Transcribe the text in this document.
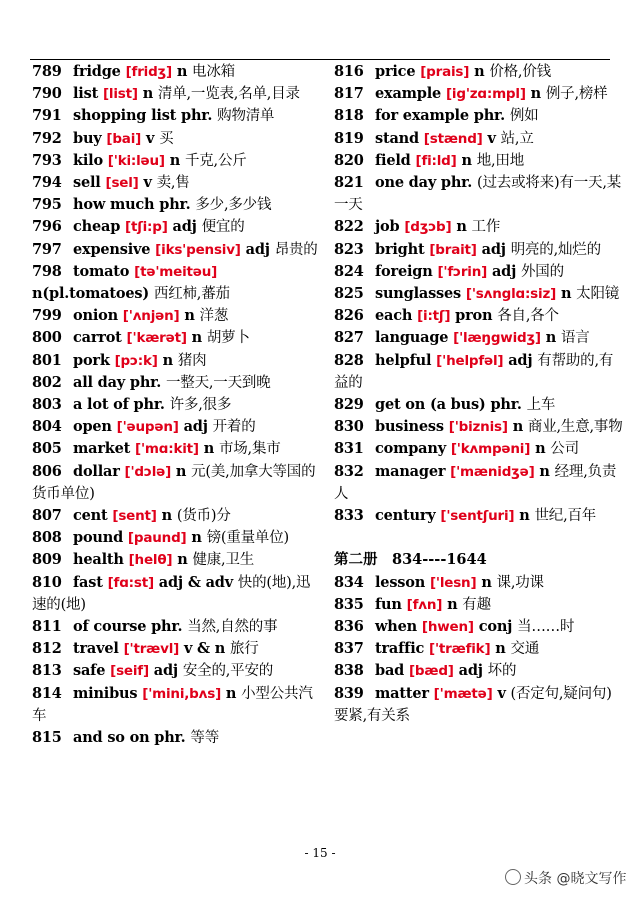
789 fridge [fridʒ] n 电冰箱
790 list [list] n 清单,一览表,名单,目录
791 shopping list phr. 购物清单
792 buy [bai] v 买
793 kilo ['ki:ləu] n 千克,公斤
794 sell [sel] v 卖,售
795 how much phr. 多少,多少钱
796 cheap [tʃi:p] adj 便宜的
797 expensive [iks'pensiv] adj 昂贵的
798 tomato [tə'meitəu] n(pl.tomatoes) 西红柿,蕃茄
799 onion ['ʌnjən] n 洋葱
800 carrot ['kærət] n 胡萝卜
801 pork [pɔ:k] n 猪肉
802 all day phr. 一整天,一天到晚
803 a lot of phr. 许多,很多
804 open ['əupən] adj 开着的
805 market ['mɑ:kit] n 市场,集市
806 dollar ['dɔlə] n 元(美,加拿大等国的货币单位)
807 cent [sent] n (货币)分
808 pound [paund] n 镑(重量单位)
809 health [helθ] n 健康,卫生
810 fast [fɑ:st] adj & adv 快的(地),迅速的(地)
811 of course phr. 当然,自然的事
812 travel ['trævl] v & n 旅行
813 safe [seif] adj 安全的,平安的
814 minibus ['mini,bʌs] n 小型公共汽车
815 and so on phr. 等等
816 price [prais] n 价格,价钱
817 example [ig'zɑ:mpl] n 例子,榜样
818 for example phr. 例如
819 stand [stænd] v 站,立
820 field [fi:ld] n 地,田地
821 one day phr. (过去或将来)有一天,某一天
822 job [dʒɔb] n 工作
823 bright [brait] adj 明亮的,灿烂的
824 foreign ['fɔrin] adj 外国的
825 sunglasses ['sʌnglɑ:siz] n 太阳镜
826 each [i:tʃ] pron 各自,各个
827 language ['læŋgwidʒ] n 语言
828 helpful ['helpfəl] adj 有帮助的,有益的
829 get on (a bus) phr. 上车
830 business ['biznis] n 商业,生意,事物
831 company ['kʌmpəni] n 公司
832 manager ['mænidʒə] n 经理,负责人
833 century ['sentʃuri] n 世纪,百年
第二册　834----1644
834 lesson ['lesn] n 课,功课
835 fun [fʌn] n 有趣
836 when [hwen] conj 当……时
837 traffic ['træfik] n 交通
838 bad [bæd] adj 坏的
839 matter ['mætə] v (否定句,疑问句)要紧,有关系
- 15 -
头条 @晓文写作
